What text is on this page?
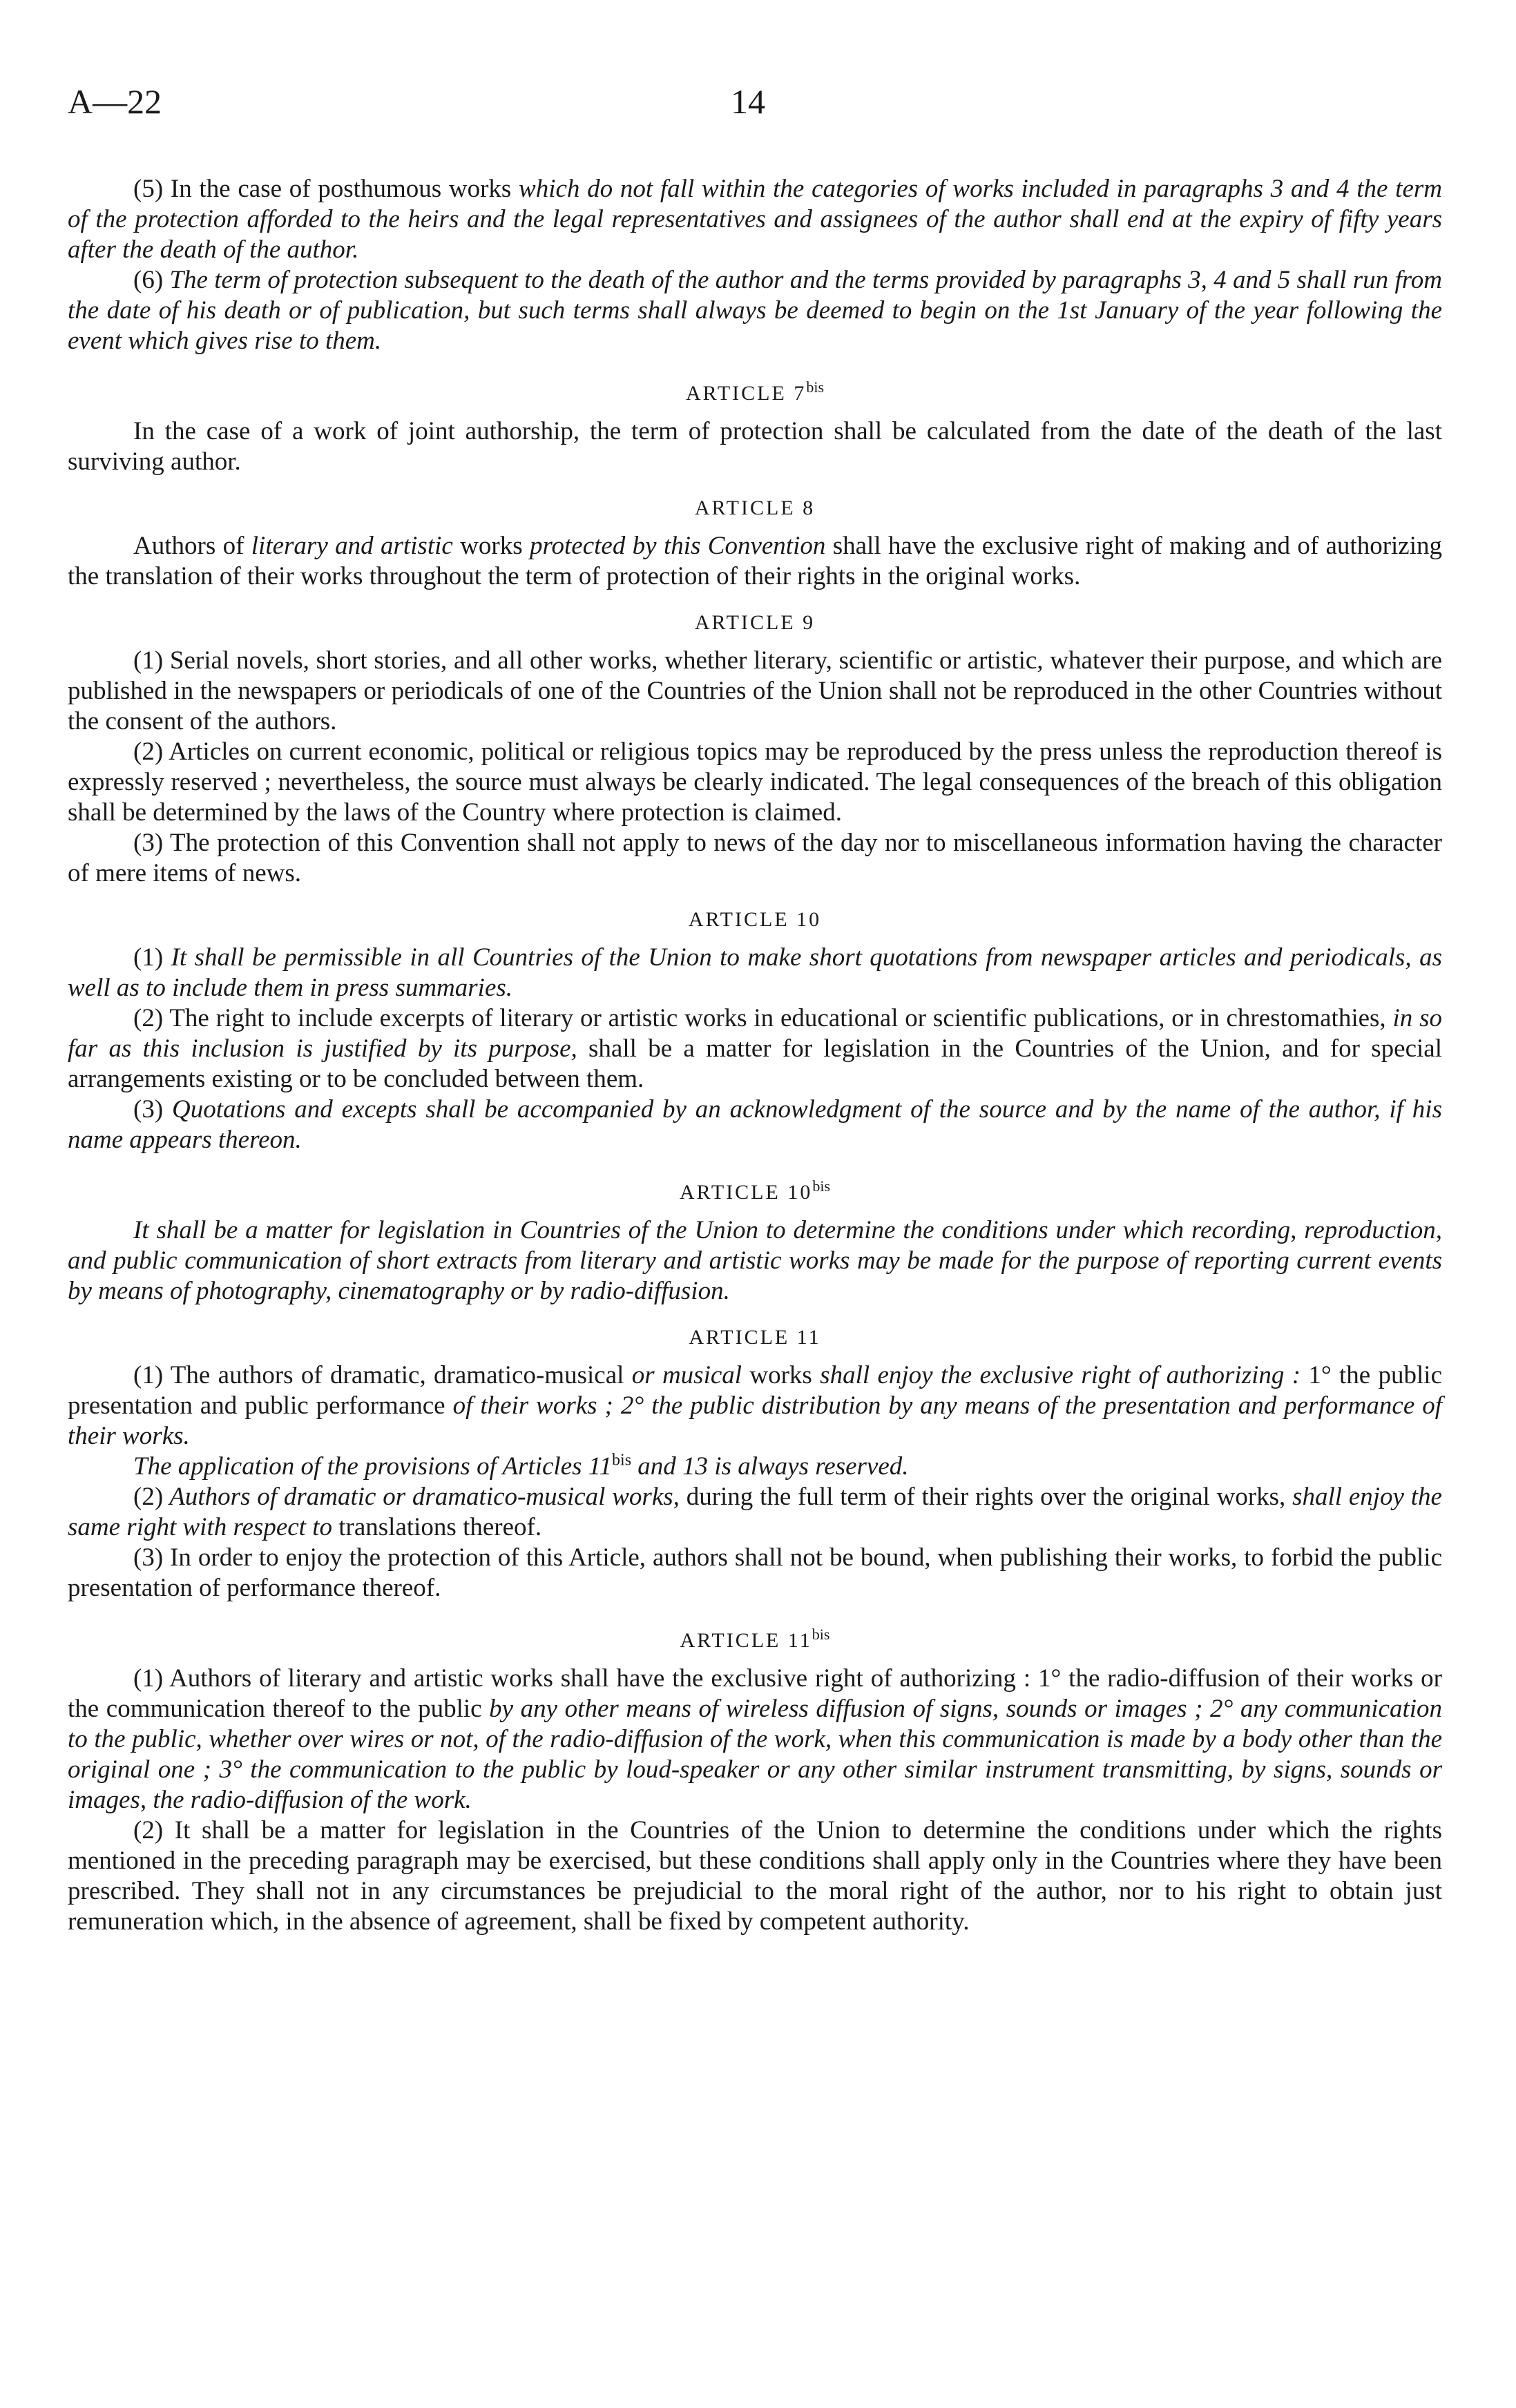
A—22	14

(5) In the case of posthumous works which do not fall within the categories of works included in paragraphs 3 and 4 the term of the protection afforded to the heirs and the legal representatives and assignees of the author shall end at the expiry of fifty years after the death of the author.

(6) The term of protection subsequent to the death of the author and the terms provided by paragraphs 3, 4 and 5 shall run from the date of his death or of publication, but such terms shall always be deemed to begin on the 1st January of the year following the event which gives rise to them.

ARTICLE $7^{bis}$

In the case of a work of joint authorship, the term of protection shall be calculated from the date of the death of the last surviving author.

ARTICLE 8

Authors of literary and artistic works protected by this Convention shall have the exclusive right of making and of authorizing the translation of their works throughout the term of protection of their rights in the original works.

ARTICLE 9

(1) Serial novels, short stories, and all other works, whether literary, scientific or artistic, whatever their purpose, and which are published in the newspapers or periodicals of one of the Countries of the Union shall not be reproduced in the other Countries without the consent of the authors.

(2) Articles on current economic, political or religious topics may be reproduced by the press unless the reproduction thereof is expressly reserved ; nevertheless, the source must always be clearly indicated. The legal consequences of the breach of this obligation shall be determined by the laws of the Country where protection is claimed.

(3) The protection of this Convention shall not apply to news of the day nor to miscellaneous information having the character of mere items of news.

ARTICLE 10

(1) It shall be permissible in all Countries of the Union to make short quotations from newspaper articles and periodicals, as well as to include them in press summaries.

(2) The right to include excerpts of literary or artistic works in educational or scientific publications, or in chrestomathies, in so far as this inclusion is justified by its purpose, shall be a matter for legislation in the Countries of the Union, and for special arrangements existing or to be concluded between them.

(3) Quotations and excepts shall be accompanied by an acknowledgment of the source and by the name of the author, if his name appears thereon.

ARTICLE $10^{bis}$

It shall be a matter for legislation in Countries of the Union to determine the conditions under which recording, reproduction, and public communication of short extracts from literary and artistic works may be made for the purpose of reporting current events by means of photography, cinematography or by radio-diffusion.

ARTICLE 11

(1) The authors of dramatic, dramatico-musical or musical works shall enjoy the exclusive right of authorizing : 1° the public presentation and public performance of their works ; 2° the public distribution by any means of the presentation and performance of their works.

The application of the provisions of Articles $11^{bis}$ and 13 is always reserved.

(2) Authors of dramatic or dramatico-musical works, during the full term of their rights over the original works, shall enjoy the same right with respect to translations thereof.

(3) In order to enjoy the protection of this Article, authors shall not be bound, when publishing their works, to forbid the public presentation of performance thereof.

ARTICLE $11^{bis}$

(1) Authors of literary and artistic works shall have the exclusive right of authorizing : 1° the radio-diffusion of their works or the communication thereof to the public by any other means of wireless diffusion of signs, sounds or images ; 2° any communication to the public, whether over wires or not, of the radio-diffusion of the work, when this communication is made by a body other than the original one ; 3° the communication to the public by loud-speaker or any other similar instrument transmitting, by signs, sounds or images, the radio-diffusion of the work.

(2) It shall be a matter for legislation in the Countries of the Union to determine the conditions under which the rights mentioned in the preceding paragraph may be exercised, but these conditions shall apply only in the Countries where they have been prescribed. They shall not in any circumstances be prejudicial to the moral right of the author, nor to his right to obtain just remuneration which, in the absence of agreement, shall be fixed by competent authority.
